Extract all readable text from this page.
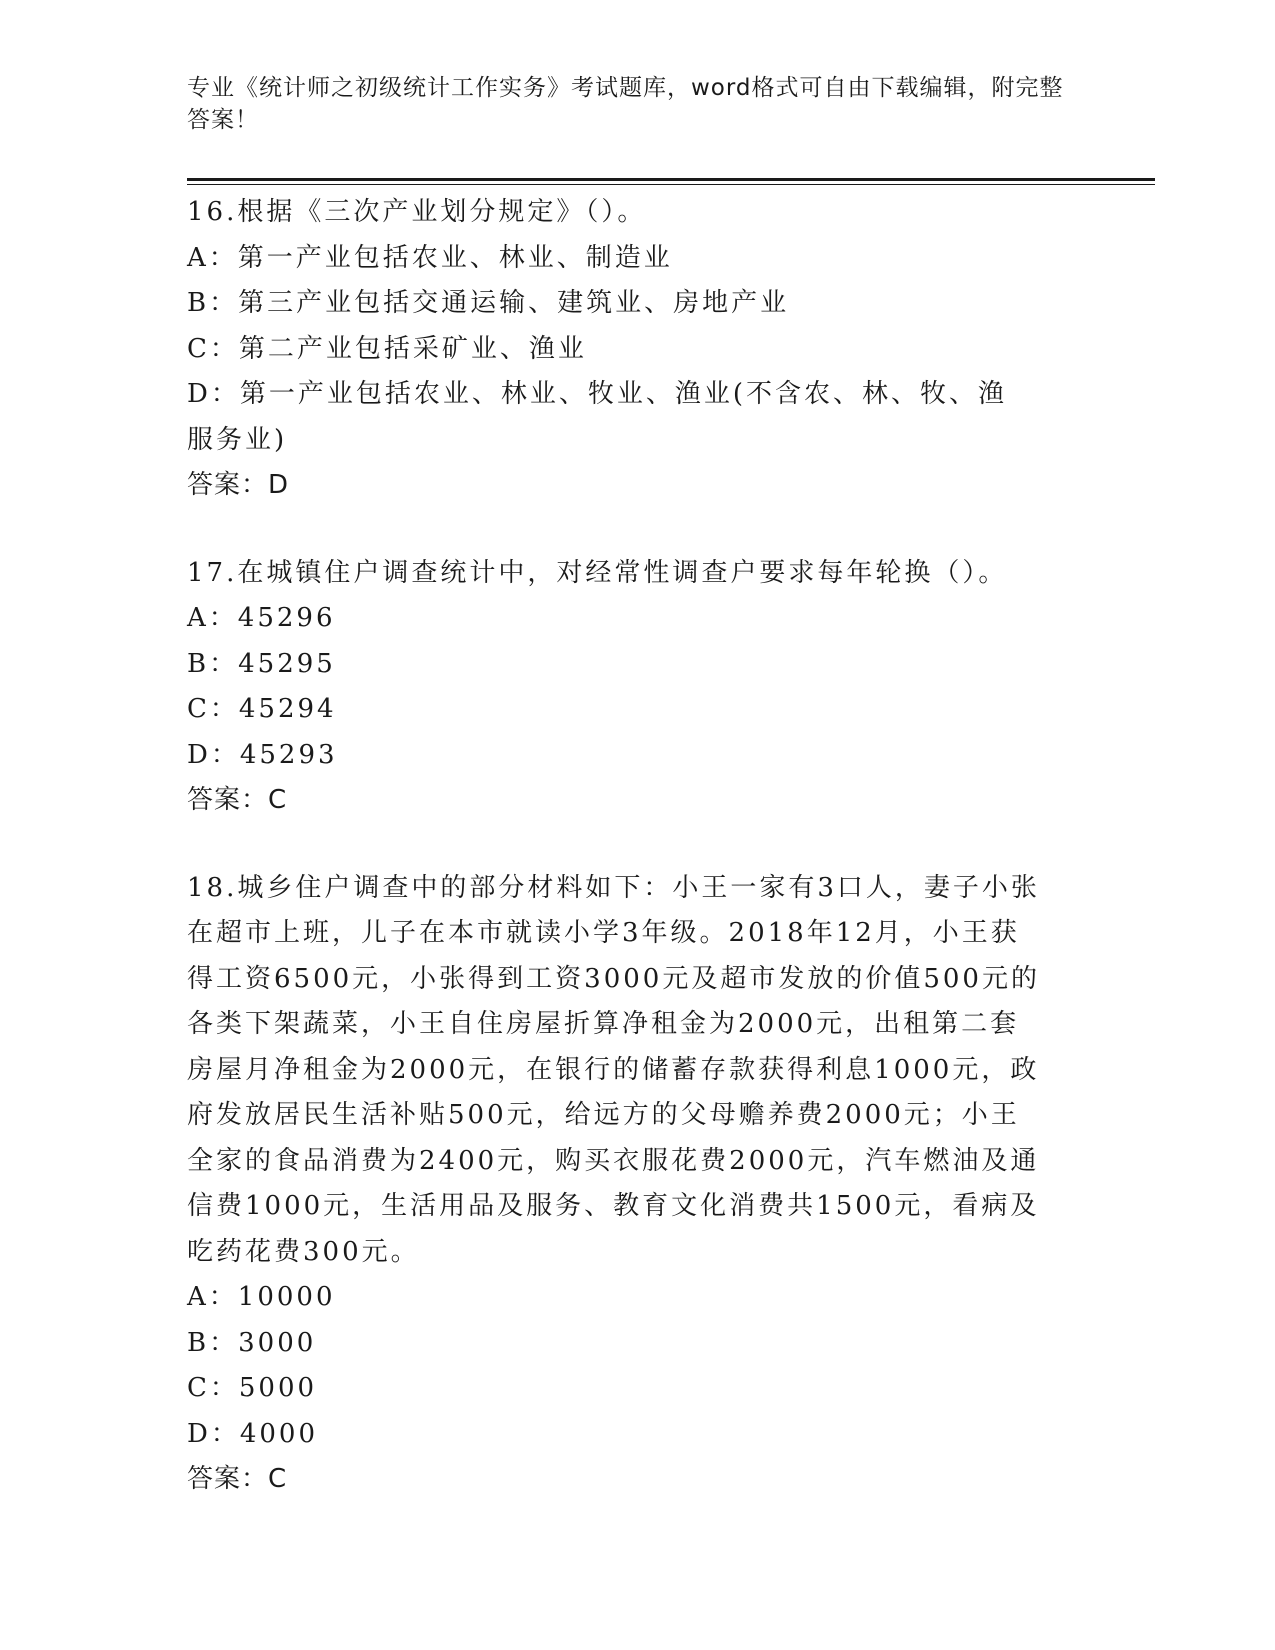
专业《统计师之初级统计工作实务》考试题库，word格式可自由下载编辑，附完整答案！
16.根据《三次产业划分规定》（）。
A：第一产业包括农业、林业、制造业
B：第三产业包括交通运输、建筑业、房地产业
C：第二产业包括采矿业、渔业
D：第一产业包括农业、林业、牧业、渔业(不含农、林、牧、渔服务业)
答案：D
17.在城镇住户调查统计中，对经常性调查户要求每年轮换（）。
A：45296
B：45295
C：45294
D：45293
答案：C
18.城乡住户调查中的部分材料如下：小王一家有3口人，妻子小张在超市上班，儿子在本市就读小学3年级。2018年12月，小王获得工资6500元，小张得到工资3000元及超市发放的价值500元的各类下架蔬菜，小王自住房屋折算净租金为2000元，出租第二套房屋月净租金为2000元，在银行的储蓄存款获得利息1000元，政府发放居民生活补贴500元，给远方的父母赡养费2000元；小王全家的食品消费为2400元，购买衣服花费2000元，汽车燃油及通信费1000元，生活用品及服务、教育文化消费共1500元，看病及吃药花费300元。
A：10000
B：3000
C：5000
D：4000
答案：C
